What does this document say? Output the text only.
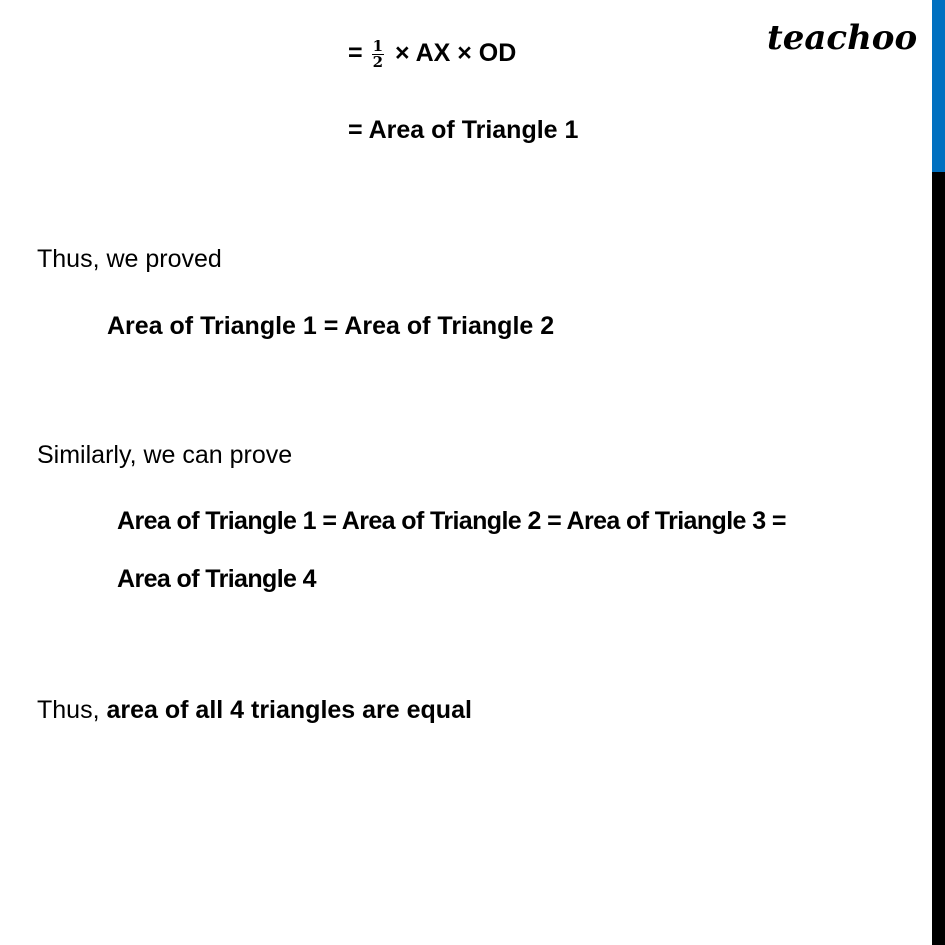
teachoo
= $\frac{1}{2}$ × AX × OD
= Area of Triangle 1
Thus, we proved
Area of Triangle 1 = Area of Triangle 2
Similarly, we can prove
Area of Triangle 1 = Area of Triangle 2 = Area of Triangle 3 =
Area of Triangle 4
Thus, area of all 4 triangles are equal
